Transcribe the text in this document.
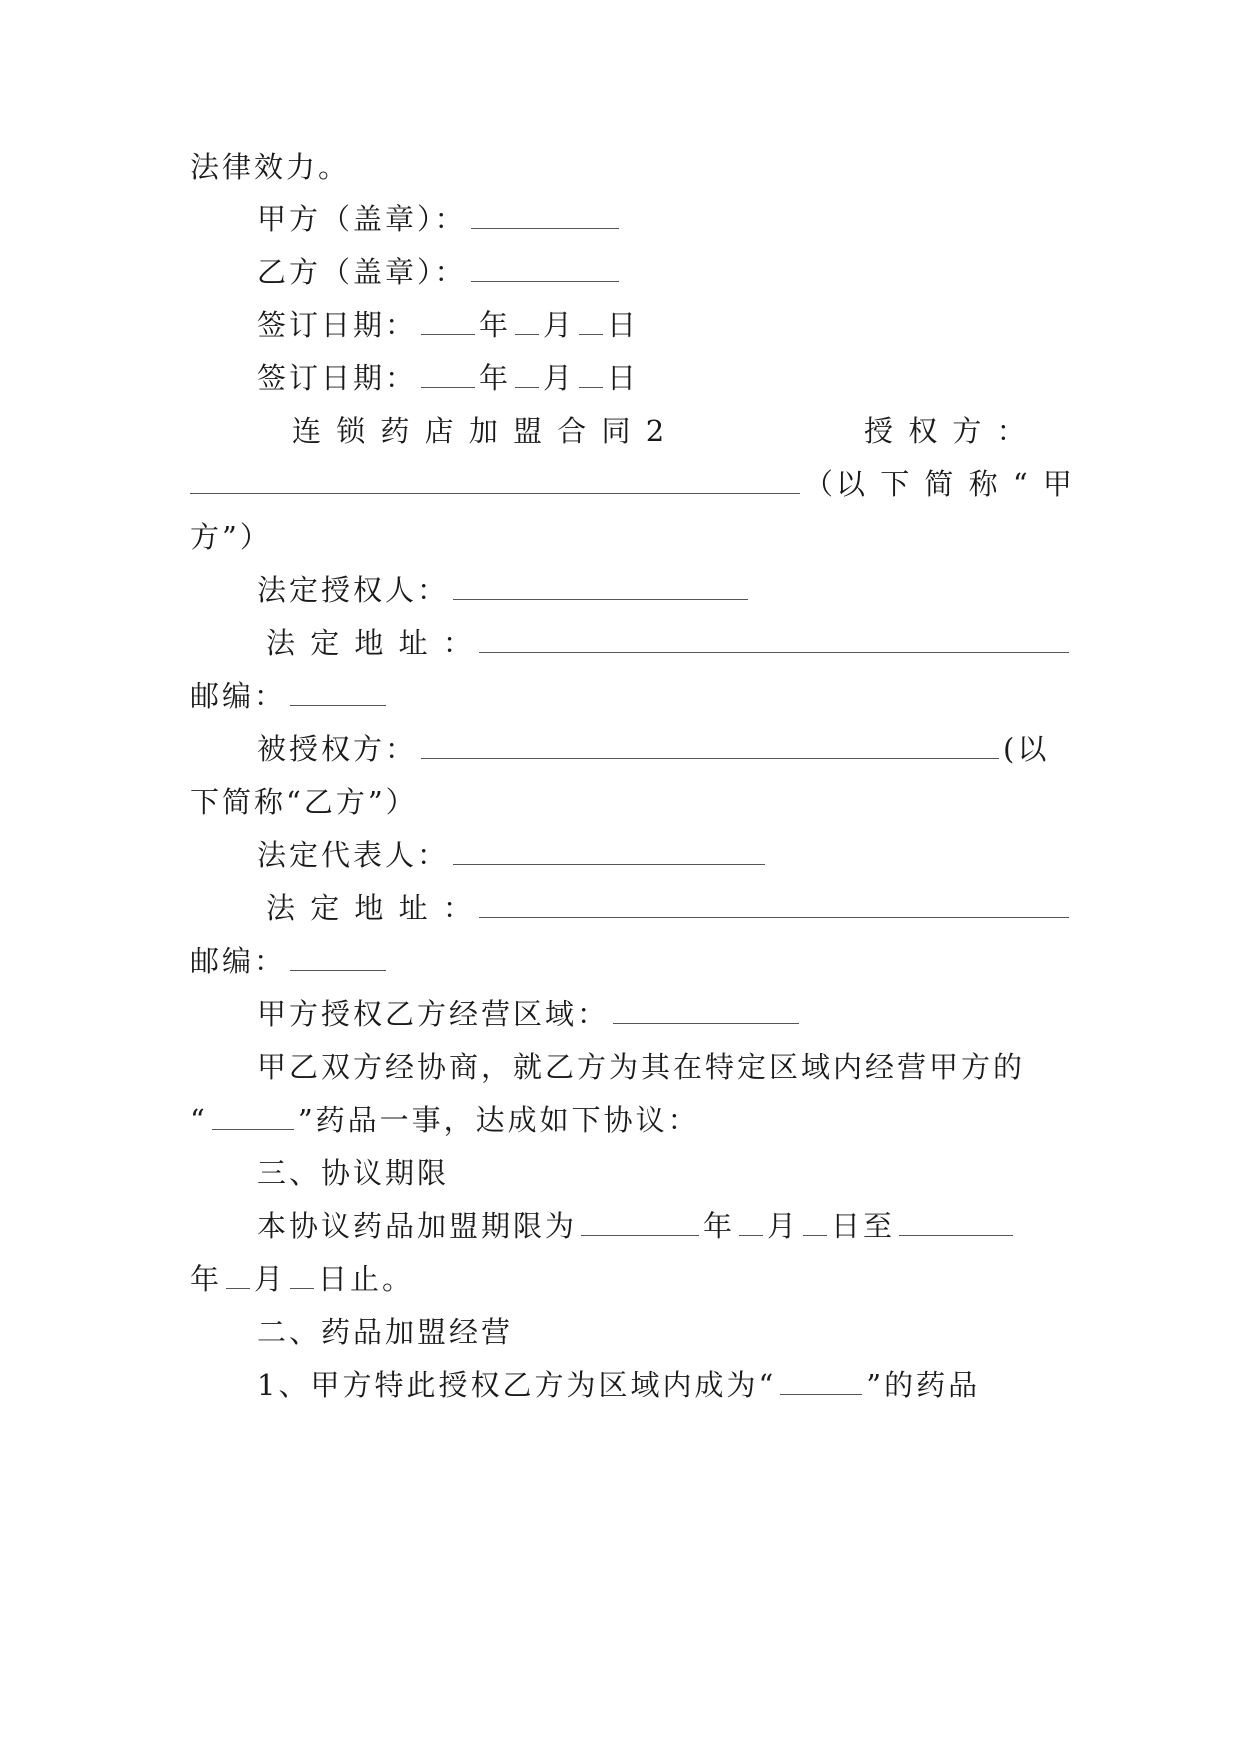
法律效力。
甲方（盖章）：
乙方（盖章）：
签订日期： 年 月 日
签订日期： 年 月 日
连 锁 药 店 加 盟 合 同 2	授 权 方 ：
（以 下 简 称 “ 甲
方”）
法定授权人：
法 定 地 址 ：
邮编：
被授权方：	(以
下简称“乙方”）
法定代表人：
法 定 地 址 ：
邮编：
甲方授权乙方经营区域：
甲乙双方经协商，就乙方为其在特定区域内经营甲方的
“	”药品一事，达成如下协议：
三、协议期限
本协议药品加盟期限为	年 月 日至
年 月 日止。
二、药品加盟经营
1、甲方特此授权乙方为区域内成为“	”的药品
